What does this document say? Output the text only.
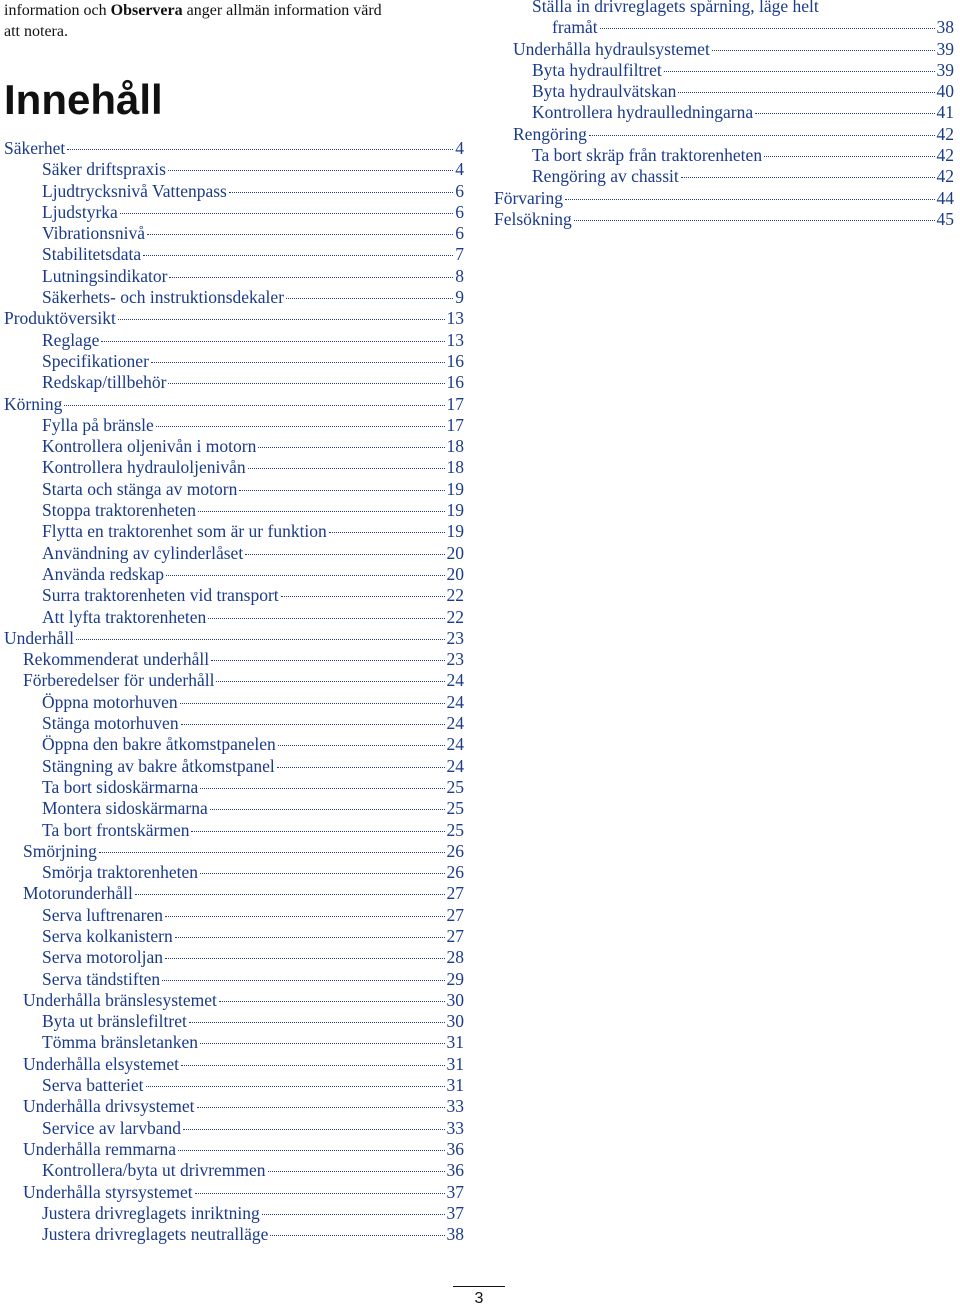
information och Observera anger allmän information värd
att notera.
Innehåll
Säkerhet	4
Säker driftspraxis	4
Ljudtrycksnivå Vattenpass	6
Ljudstyrka	6
Vibrationsnivå	6
Stabilitetsdata	7
Lutningsindikator	8
Säkerhets- och instruktionsdekaler	9
Produktöversikt	13
Reglage	13
Specifikationer	16
Redskap/tillbehör	16
Körning	17
Fylla på bränsle	17
Kontrollera oljenivån i motorn	18
Kontrollera hydrauloljenivån	18
Starta och stänga av motorn	19
Stoppa traktorenheten	19
Flytta en traktorenhet som är ur funktion	19
Användning av cylinderlåset	20
Använda redskap	20
Surra traktorenheten vid transport	22
Att lyfta traktorenheten	22
Underhåll	23
Rekommenderat underhåll	23
Förberedelser för underhåll	24
Öppna motorhuven	24
Stänga motorhuven	24
Öppna den bakre åtkomstpanelen	24
Stängning av bakre åtkomstpanel	24
Ta bort sidoskärmarna	25
Montera sidoskärmarna	25
Ta bort frontskärmen	25
Smörjning	26
Smörja traktorenheten	26
Motorunderhåll	27
Serva luftrenaren	27
Serva kolkanistern	27
Serva motoroljan	28
Serva tändstiften	29
Underhålla bränslesystemet	30
Byta ut bränslefiltret	30
Tömma bränsletanken	31
Underhålla elsystemet	31
Serva batteriet	31
Underhålla drivsystemet	33
Service av larvband	33
Underhålla remmarna	36
Kontrollera/byta ut drivremmen	36
Underhålla styrsystemet	37
Justera drivreglagets inriktning	37
Justera drivreglagets neutralläge	38
Ställa in drivreglagets spårning, läge helt
framåt	38
Underhålla hydraulsystemet	39
Byta hydraulfiltret	39
Byta hydraulvätskan	40
Kontrollera hydraulledningarna	41
Rengöring	42
Ta bort skräp från traktorenheten	42
Rengöring av chassit	42
Förvaring	44
Felsökning	45
3
